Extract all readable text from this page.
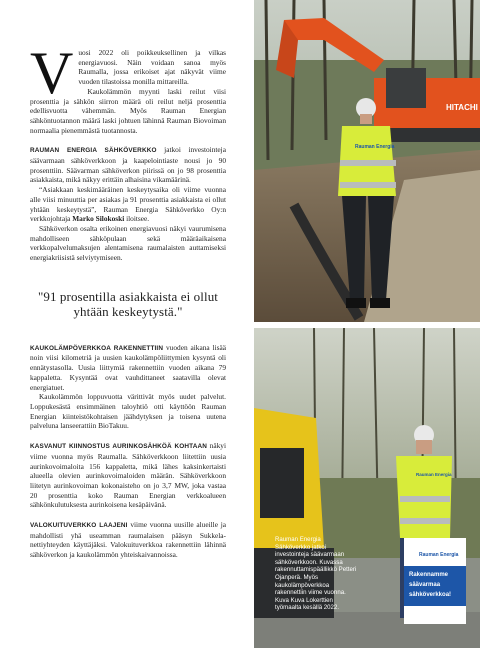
V uosi 2022 oli poikkeuksellinen ja vilkas energiavuosi. Näin voidaan sanoa myös Raumalla, jossa erikoiset ajat näkyvät viime vuoden tilastoissa monilla mittareilla.

Kaukolämmön myynti laski reilut viisi prosenttia ja sähkön siirron määrä oli reilut neljä prosenttia edellisvuotta vähemmän. Myös Rauman Energian sähköntuotannon määrä laski johtuen lähinnä Rauman Biovoiman normaalia pienemmästä tuotannosta.

RAUMAN ENERGIA SÄHKÖVERKKO jatkoi investointeja säävarmaan sähköverkkoon ja kaapelointiaste nousi jo 90 prosenttiin. Säävarman sähköverkon piirissä on jo 98 prosenttia asiakkaista, mikä näkyy erittäin alhaisina vikamäärinä.

“Asiakkaan keskimääräinen keskeytysaika oli viime vuonna alle viisi minuuttia per asiakas ja 91 prosenttia asiakkaista ei ollut yhtään keskeytystä”, Rauman Energia Sähköverkko Oy:n verkkojohtaja Marko Silokoski iloitsee.

Sähköverkon osalta erikoinen energiavuosi näkyi vaurumisena mahdolliseen sähköpulaan sekä määräaikaisena verkkopalvelumaksujen alentamisena raumalaisten auttamiseksi energiakriisistä selviytymiseen.

"91 prosentilla asiakkaista ei ollut yhtään keskeytystä."

KAUKOLÄMPÖVERKKOA RAKENNETTIIN vuoden aikana lisää noin viisi kilometriä ja uusien kaukolämpöliittymien kysyntä oli ennätystasolla. Uusia liittymiä rakennettiin vuoden aikana 79 kappaletta. Kysyntää ovat vauhdittaneet saatavilla olevat energiatuet.

Kaukolämmön loppuvuotta värittivät myös uudet palvelut. Loppukesästä ensimmäinen taloyhtiö otti käyttöön Rauman Energian kiinteistökohtaisen jäähdytyksen ja toisena uutena palveluna lanseerattiin BioTakuu.

KASVANUT KIINNOSTUS AURINKOSÄHKÖÄ KOHTAAN näkyi viime vuonna myös Raumalla. Sähköverkkoon liitettiin uusia aurinkovoimaloita 156 kappaletta, mikä lähes kaksinkertaisti alueella olevien aurinkovoimaloiden määrän. Sähköverkkoon liitetyn aurinkovoiman kokonaisteho on jo 3,7 MW, joka vastaa 20 prosenttia koko Rauman Energian verkkoalueen sähkönkulutuksesta aurinkoisena kesäpäivänä.

VALOKUITUVERKKO LAAJENI viime vuonna uusille alueille ja mahdollisti yhä useamman raumalaisen pääsyn Sukkela-nettiyhteyden käyttäjäksi. Valokuituverkkoa rakennettiin lähinnä sähköverkon ja kaukolämmön yhteiskaivannoissa.

HITACHI
Rauman Energia
Rauman Energia
Rauman Energia
Rakennamme
säävarmaa
sähköverkkoa!
Rauman Energia Sähköverkko jatkoi investointeja säävarmaan sähköverkkoon. Kuvassa rakennuttamispäällikkö Petteri Ojanperä. Myös kaukolämpöverkkoa rakennettiin viime vuonna. Kuva Kuva Lokerttien työmaalta kesällä 2022.
